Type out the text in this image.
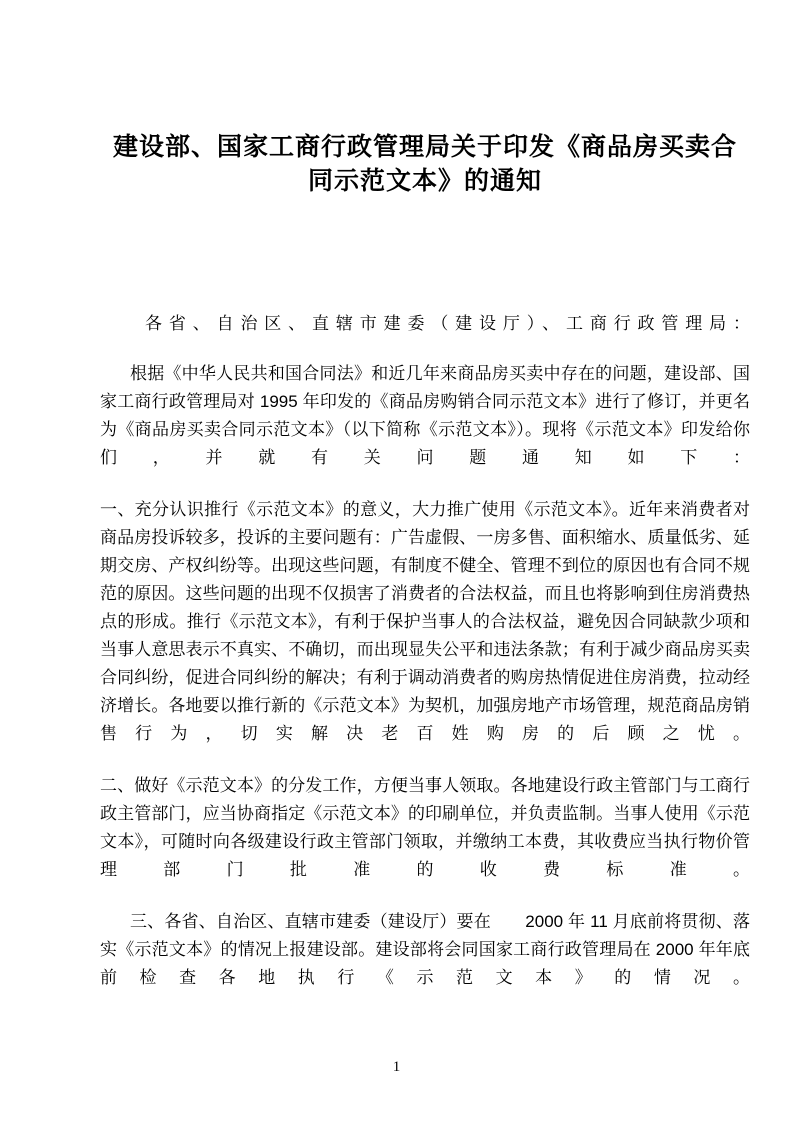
建设部、国家工商行政管理局关于印发《商品房买卖合
同示范文本》的通知

各省、自治区、直辖市建委（建设厅）、工商行政管理局：

根据《中华人民共和国合同法》和近几年来商品房买卖中存在的问题，建设部、国家工商行政管理局对 1995 年印发的《商品房购销合同示范文本》进行了修订，并更名为《商品房买卖合同示范文本》（以下简称《示范文本》）。现将《示范文本》印发给你们，并就有关问题通知如下：

一、充分认识推行《示范文本》的意义，大力推广使用《示范文本》。近年来消费者对商品房投诉较多，投诉的主要问题有：广告虚假、一房多售、面积缩水、质量低劣、延期交房、产权纠纷等。出现这些问题，有制度不健全、管理不到位的原因也有合同不规范的原因。这些问题的出现不仅损害了消费者的合法权益，而且也将影响到住房消费热点的形成。推行《示范文本》，有利于保护当事人的合法权益，避免因合同缺款少项和当事人意思表示不真实、不确切，而出现显失公平和违法条款；有利于减少商品房买卖合同纠纷，促进合同纠纷的解决；有利于调动消费者的购房热情促进住房消费，拉动经济增长。各地要以推行新的《示范文本》为契机，加强房地产市场管理，规范商品房销售行为，切实解决老百姓购房的后顾之忧。

二、做好《示范文本》的分发工作，方便当事人领取。各地建设行政主管部门与工商行政主管部门，应当协商指定《示范文本》的印刷单位，并负责监制。当事人使用《示范文本》，可随时向各级建设行政主管部门领取，并缴纳工本费，其收费应当执行物价管理部门批准的收费标准。

三、各省、自治区、直辖市建委（建设厅）要在　　2000 年 11 月底前将贯彻、落实《示范文本》的情况上报建设部。建设部将会同国家工商行政管理局在 2000 年年底前检查各地执行《示范文本》的情况。

1
